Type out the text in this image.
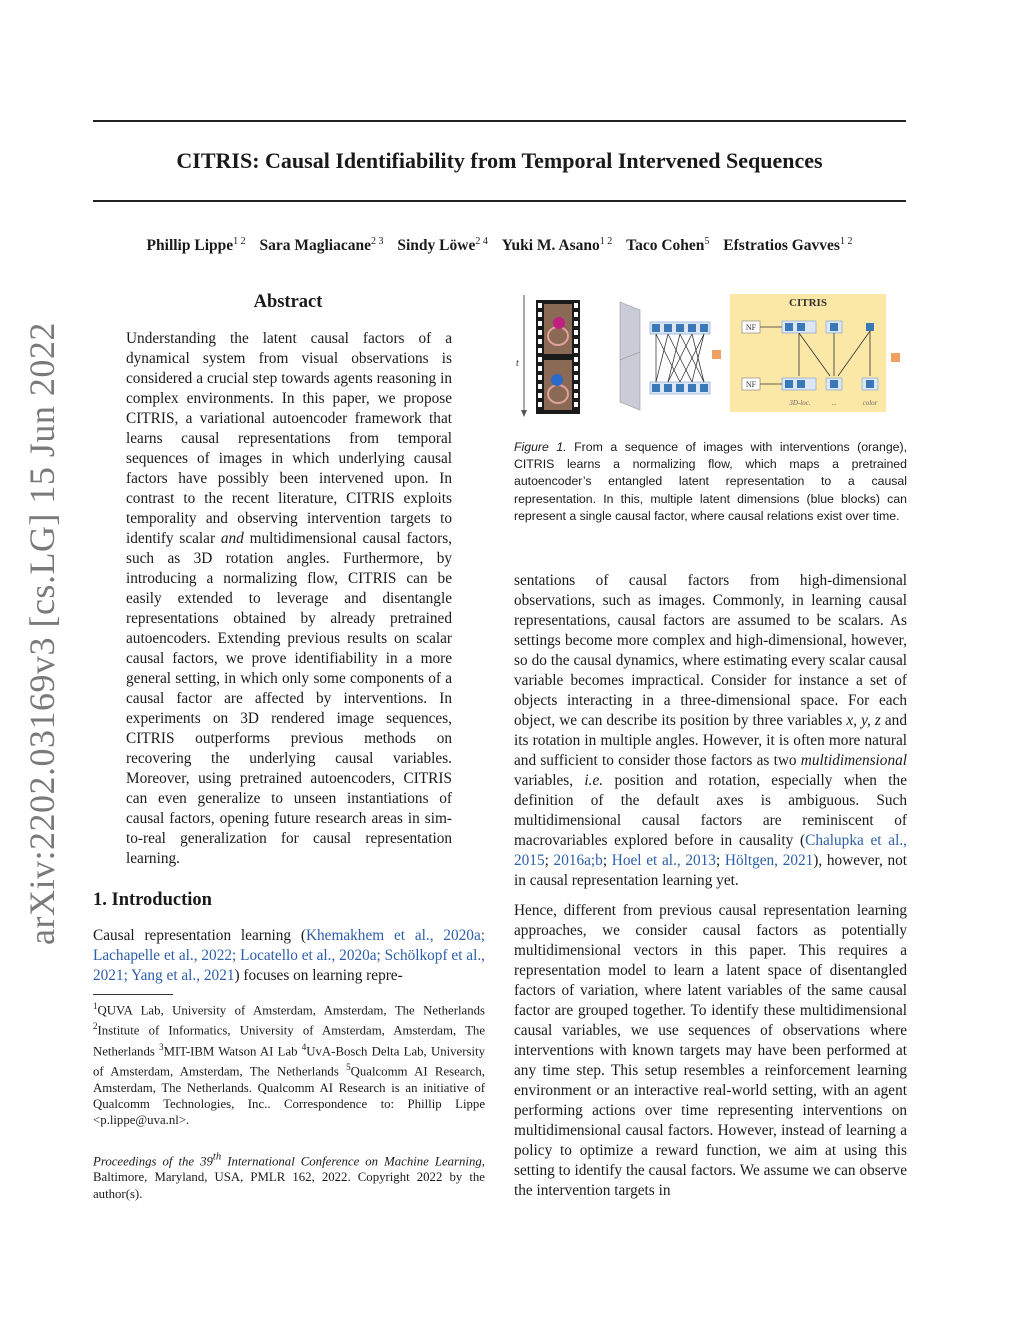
arXiv:2202.03169v3 [cs.LG] 15 Jun 2022
CITRIS: Causal Identifiability from Temporal Intervened Sequences
Phillip Lippe$^{1 2}$ Sara Magliacane$^{2 3}$ Sindy Löwe$^{2 4}$ Yuki M. Asano$^{1 2}$ Taco Cohen$^5$ Efstratios Gavves$^{1 2}$
Abstract
Understanding the latent causal factors of a dynamical system from visual observations is considered a crucial step towards agents reasoning in complex environments. In this paper, we propose CITRIS, a variational autoencoder framework that learns causal representations from temporal sequences of images in which underlying causal factors have possibly been intervened upon. In contrast to the recent literature, CITRIS exploits temporality and observing intervention targets to identify scalar and multidimensional causal factors, such as 3D rotation angles. Furthermore, by introducing a normalizing flow, CITRIS can be easily extended to leverage and disentangle representations obtained by already pretrained autoencoders. Extending previous results on scalar causal factors, we prove identifiability in a more general setting, in which only some components of a causal factor are affected by interventions. In experiments on 3D rendered image sequences, CITRIS outperforms previous methods on recovering the underlying causal variables. Moreover, using pretrained autoencoders, CITRIS can even generalize to unseen instantiations of causal factors, opening future research areas in sim-to-real generalization for causal representation learning.
1. Introduction
Causal representation learning (Khemakhem et al., 2020a; Lachapelle et al., 2022; Locatello et al., 2020a; Schölkopf et al., 2021; Yang et al., 2021) focuses on learning repre-
$^1$QUVA Lab, University of Amsterdam, Amsterdam, The Netherlands $^2$Institute of Informatics, University of Amsterdam, Amsterdam, The Netherlands $^3$MIT-IBM Watson AI Lab $^4$UvA-Bosch Delta Lab, University of Amsterdam, Amsterdam, The Netherlands $^5$Qualcomm AI Research, Amsterdam, The Netherlands. Qualcomm AI Research is an initiative of Qualcomm Technologies, Inc.. Correspondence to: Phillip Lippe <p.lippe@uva.nl>.
Proceedings of the 39th International Conference on Machine Learning, Baltimore, Maryland, USA, PMLR 162, 2022. Copyright 2022 by the author(s).
t
CITRIS
NF
NF
3D-loc.	...	color
Figure 1. From a sequence of images with interventions (orange), CITRIS learns a normalizing flow, which maps a pretrained autoencoder’s entangled latent representation to a causal representation. In this, multiple latent dimensions (blue blocks) can represent a single causal factor, where causal relations exist over time.

sentations of causal factors from high-dimensional observations, such as images. Commonly, in learning causal representations, causal factors are assumed to be scalars. As settings become more complex and high-dimensional, however, so do the causal dynamics, where estimating every scalar causal variable becomes impractical. Consider for instance a set of objects interacting in a three-dimensional space. For each object, we can describe its position by three variables x, y, z and its rotation in multiple angles. However, it is often more natural and sufficient to consider those factors as two multidimensional variables, i.e. position and rotation, especially when the definition of the default axes is ambiguous. Such multidimensional causal factors are reminiscent of macrovariables explored before in causality (Chalupka et al., 2015; 2016a;b; Hoel et al., 2013; Höltgen, 2021), however, not in causal representation learning yet.

Hence, different from previous causal representation learning approaches, we consider causal factors as potentially multidimensional vectors in this paper. This requires a representation model to learn a latent space of disentangled factors of variation, where latent variables of the same causal factor are grouped together. To identify these multidimensional causal variables, we use sequences of observations where interventions with known targets may have been performed at any time step. This setup resembles a reinforcement learning environment or an interactive real-world setting, with an agent performing actions over time representing interventions on multidimensional causal factors. However, instead of learning a policy to optimize a reward function, we aim at using this setting to identify the causal factors. We assume we can observe the intervention targets in
